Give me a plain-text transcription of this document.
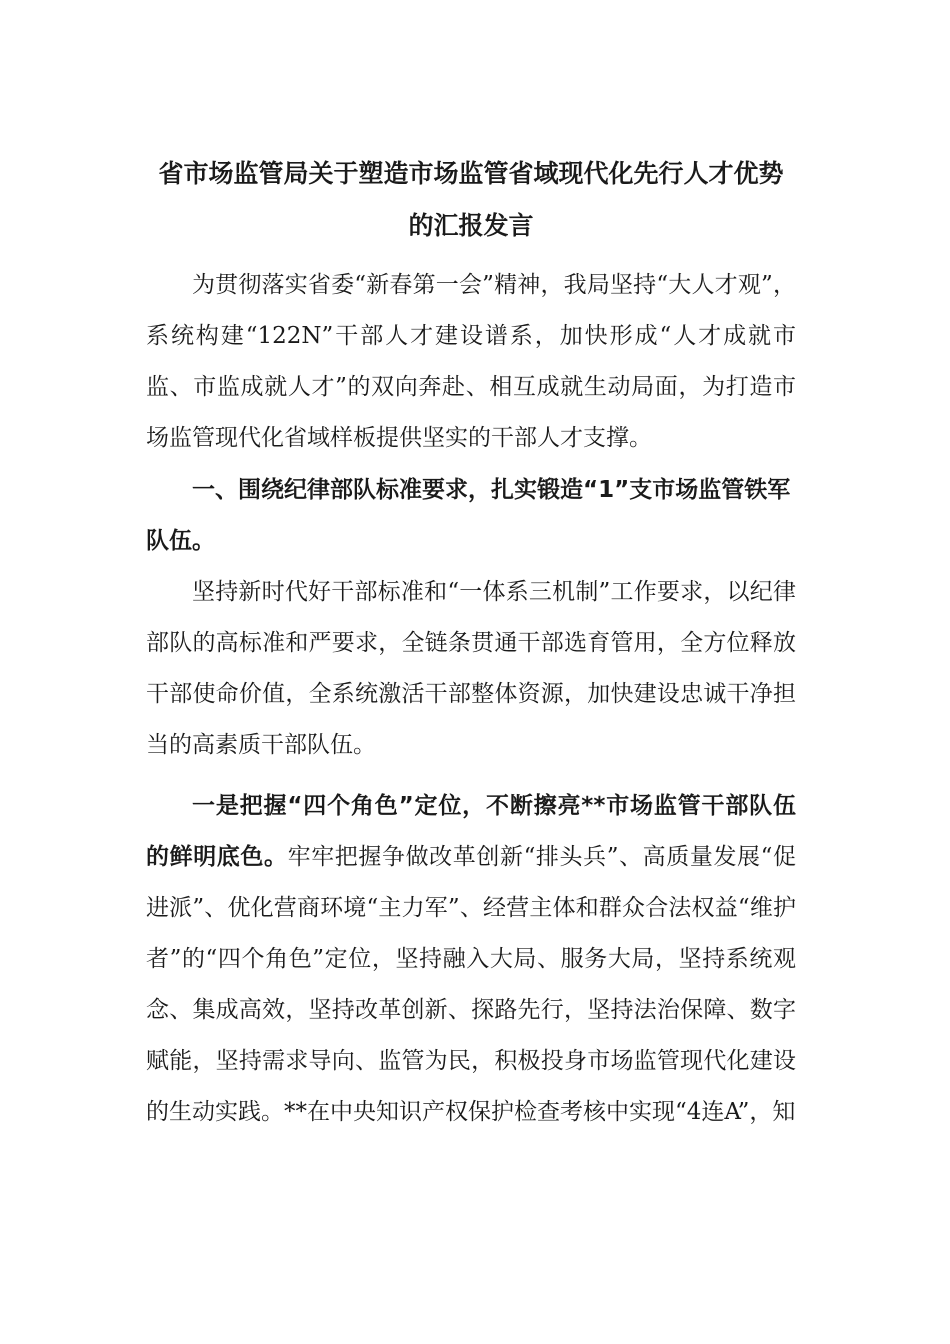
省市场监管局关于塑造市场监管省域现代化先行人才优势
的汇报发言

为贯彻落实省委“新春第一会”精神，我局坚持“大人才观”，系统构建“122N”干部人才建设谱系，加快形成“人才成就市监、市监成就人才”的双向奔赴、相互成就生动局面，为打造市场监管现代化省域样板提供坚实的干部人才支撑。

一、围绕纪律部队标准要求，扎实锻造“1”支市场监管铁军队伍。

坚持新时代好干部标准和“一体系三机制”工作要求，以纪律部队的高标准和严要求，全链条贯通干部选育管用，全方位释放干部使命价值，全系统激活干部整体资源，加快建设忠诚干净担当的高素质干部队伍。

一是把握“四个角色”定位，不断擦亮**市场监管干部队伍的鲜明底色。牢牢把握争做改革创新“排头兵”、高质量发展“促进派”、优化营商环境“主力军”、经营主体和群众合法权益“维护者”的“四个角色”定位，坚持融入大局、服务大局，坚持系统观念、集成高效，坚持改革创新、探路先行，坚持法治保障、数字赋能，坚持需求导向、监管为民，积极投身市场监管现代化建设的生动实践。**在中央知识产权保护检查考核中实现“4连A”，知
